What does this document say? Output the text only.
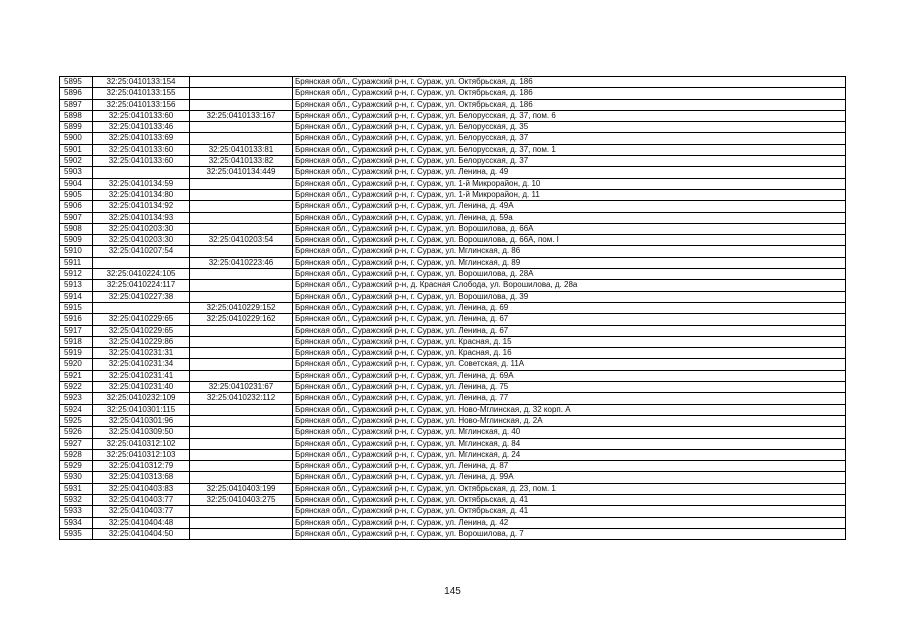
5895	32:25:0410133:154		Брянская обл., Суражский р-н, г. Сураж, ул. Октябрьская, д. 186
5896	32:25:0410133:155		Брянская обл., Суражский р-н, г. Сураж, ул. Октябрьская, д. 186
5897	32:25:0410133:156		Брянская обл., Суражский р-н, г. Сураж, ул. Октябрьская, д. 186
5898	32:25:0410133:60	32:25:0410133:167	Брянская обл., Суражский р-н, г. Сураж, ул. Белорусская, д. 37, пом. 6
5899	32:25:0410133:46		Брянская обл., Суражский р-н, г. Сураж, ул. Белорусская, д. 35
5900	32:25:0410133:69		Брянская обл., Суражский р-н, г. Сураж, ул. Белорусская, д. 37
5901	32:25:0410133:60	32:25:0410133:81	Брянская обл., Суражский р-н, г. Сураж, ул. Белорусская, д. 37, пом. 1
5902	32:25:0410133:60	32:25:0410133:82	Брянская обл., Суражский р-н, г. Сураж, ул. Белорусская, д. 37
5903		32:25:0410134:449	Брянская обл., Суражский р-н, г. Сураж, ул. Ленина, д. 49
5904	32:25:0410134:59		Брянская обл., Суражский р-н, г. Сураж, ул. 1-й Микрорайон, д. 10
5905	32:25:0410134:80		Брянская обл., Суражский р-н, г. Сураж, ул. 1-й Микрорайон, д. 11
5906	32:25:0410134:92		Брянская обл., Суражский р-н, г. Сураж, ул. Ленина, д. 49А
5907	32:25:0410134:93		Брянская обл., Суражский р-н, г. Сураж, ул. Ленина, д. 59а
5908	32:25:0410203:30		Брянская обл., Суражский р-н, г. Сураж, ул. Ворошилова, д. 66А
5909	32:25:0410203:30	32:25:0410203:54	Брянская обл., Суражский р-н, г. Сураж, ул. Ворошилова, д. 66А, пом. I
5910	32:25:0410207:54		Брянская обл., Суражский р-н, г. Сураж, ул. Мглинская, д. 86
5911		32:25:0410223:46	Брянская обл., Суражский р-н, г. Сураж, ул. Мглинская, д. 89
5912	32:25:0410224:105		Брянская обл., Суражский р-н, г. Сураж, ул. Ворошилова, д. 28А
5913	32:25:0410224:117		Брянская обл., Суражский р-н, д. Красная Слобода, ул. Ворошилова, д. 28а
5914	32:25:0410227:38		Брянская обл., Суражский р-н, г. Сураж, ул. Ворошилова, д. 39
5915		32:25:0410229:152	Брянская обл., Суражский р-н, г. Сураж, ул. Ленина, д. 69
5916	32:25:0410229:65	32:25:0410229:162	Брянская обл., Суражский р-н, г. Сураж, ул. Ленина, д. 67
5917	32:25:0410229:65		Брянская обл., Суражский р-н, г. Сураж, ул. Ленина, д. 67
5918	32:25:0410229:86		Брянская обл., Суражский р-н, г. Сураж, ул. Красная, д. 15
5919	32:25:0410231:31		Брянская обл., Суражский р-н, г. Сураж, ул. Красная, д. 16
5920	32:25:0410231:34		Брянская обл., Суражский р-н, г. Сураж, ул. Советская, д. 11А
5921	32:25:0410231:41		Брянская обл., Суражский р-н, г. Сураж, ул. Ленина, д. 69А
5922	32:25:0410231:40	32:25:0410231:67	Брянская обл., Суражский р-н, г. Сураж, ул. Ленина, д. 75
5923	32:25:0410232:109	32:25:0410232:112	Брянская обл., Суражский р-н, г. Сураж, ул. Ленина, д. 77
5924	32:25:0410301:115		Брянская обл., Суражский р-н, г. Сураж, ул. Ново-Мглинская, д. 32 корп. А
5925	32:25:0410301:96		Брянская обл., Суражский р-н, г. Сураж, ул. Ново-Мглинская, д. 2А
5926	32:25:0410309:50		Брянская обл., Суражский р-н, г. Сураж, ул. Мглинская, д. 40
5927	32:25:0410312:102		Брянская обл., Суражский р-н, г. Сураж, ул. Мглинская, д. 84
5928	32:25:0410312:103		Брянская обл., Суражский р-н, г. Сураж, ул. Мглинская, д. 24
5929	32:25:0410312:79		Брянская обл., Суражский р-н, г. Сураж, ул. Ленина, д. 87
5930	32:25:0410313:68		Брянская обл., Суражский р-н, г. Сураж, ул. Ленина, д. 99А
5931	32:25:0410403:83	32:25:0410403:199	Брянская обл., Суражский р-н, г. Сураж, ул. Октябрьская, д. 23, пом. 1
5932	32:25:0410403:77	32:25:0410403:275	Брянская обл., Суражский р-н, г. Сураж, ул. Октябрьская, д. 41
5933	32:25:0410403:77		Брянская обл., Суражский р-н, г. Сураж, ул. Октябрьская, д. 41
5934	32:25:0410404:48		Брянская обл., Суражский р-н, г. Сураж, ул. Ленина, д. 42
5935	32:25:0410404:50		Брянская обл., Суражский р-н, г. Сураж, ул. Ворошилова, д. 7
145
